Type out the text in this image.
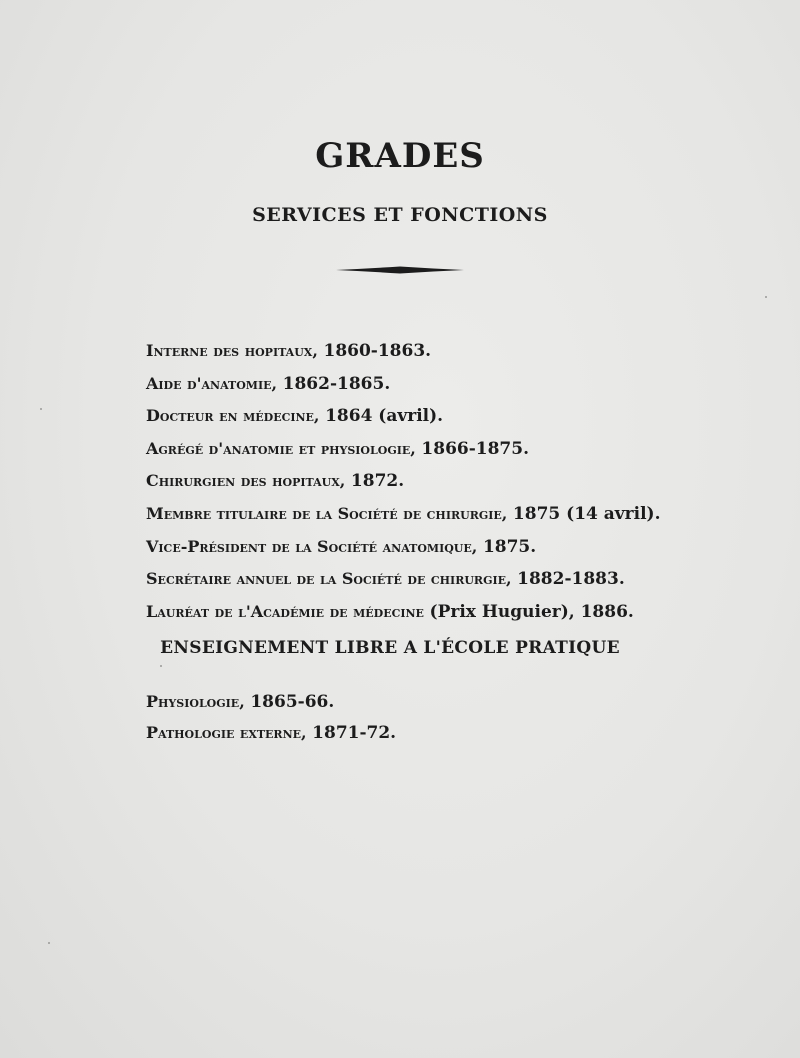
GRADES
SERVICES ET FONCTIONS
Interne des hopitaux, 1860-1863.
Aide d'anatomie, 1862-1865.
Docteur en médecine, 1864 (avril).
Agrégé d'anatomie et physiologie, 1866-1875.
Chirurgien des hopitaux, 1872.
Membre titulaire de la Société de chirurgie, 1875 (14 avril).
Vice-Président de la Société anatomique, 1875.
Secrétaire annuel de la Société de chirurgie, 1882-1883.
Lauréat de l'Académie de médecine (Prix Huguier), 1886.
ENSEIGNEMENT LIBRE A L'ÉCOLE PRATIQUE
Physiologie, 1865-66.
Pathologie externe, 1871-72.
